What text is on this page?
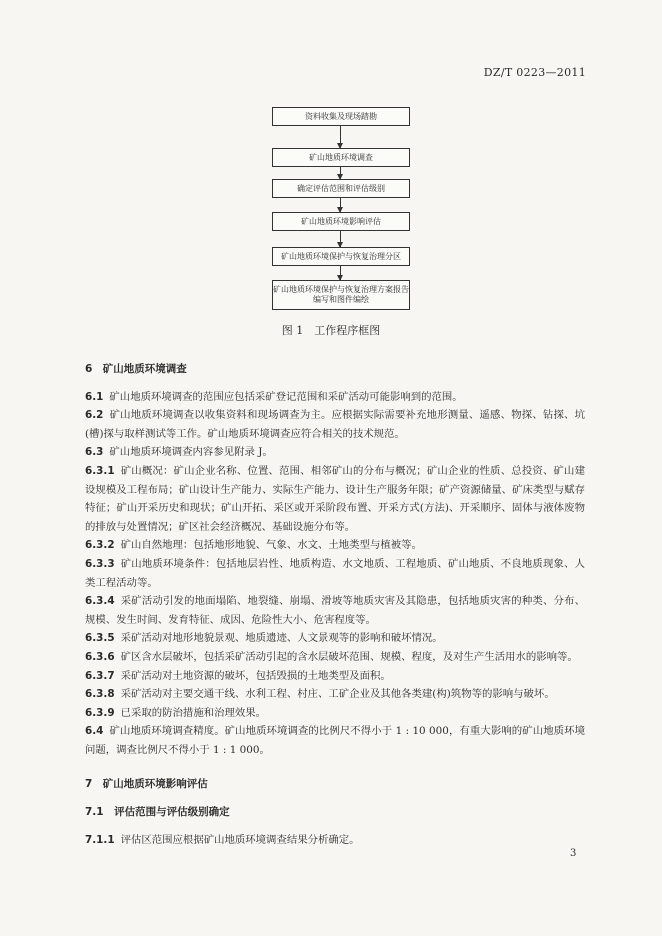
DZ/T 0223—2011
资料收集及现场踏勘
矿山地质环境调查
确定评估范围和评估级别
矿山地质环境影响评估
矿山地质环境保护与恢复治理分区
矿山地质环境保护与恢复治理方案报告编写和图件编绘
图 1　工作程序框图
6　矿山地质环境调查
6.1 矿山地质环境调查的范围应包括采矿登记范围和采矿活动可能影响到的范围。
6.2 矿山地质环境调查以收集资料和现场调查为主。应根据实际需要补充地形测量、遥感、物探、钻探、坑(槽)探与取样测试等工作。矿山地质环境调查应符合相关的技术规范。
6.3 矿山地质环境调查内容参见附录 J。
6.3.1 矿山概况：矿山企业名称、位置、范围、相邻矿山的分布与概况；矿山企业的性质、总投资、矿山建设规模及工程布局；矿山设计生产能力、实际生产能力、设计生产服务年限；矿产资源储量、矿床类型与赋存特征；矿山开采历史和现状；矿山开拓、采区或开采阶段布置、开采方式(方法)、开采顺序、固体与液体废物的排放与处置情况；矿区社会经济概况、基础设施分布等。
6.3.2 矿山自然地理：包括地形地貌、气象、水文、土地类型与植被等。
6.3.3 矿山地质环境条件：包括地层岩性、地质构造、水文地质、工程地质、矿山地质、不良地质现象、人类工程活动等。
6.3.4 采矿活动引发的地面塌陷、地裂缝、崩塌、滑坡等地质灾害及其隐患，包括地质灾害的种类、分布、规模、发生时间、发育特征、成因、危险性大小、危害程度等。
6.3.5 采矿活动对地形地貌景观、地质遗迹、人文景观等的影响和破坏情况。
6.3.6 矿区含水层破坏，包括采矿活动引起的含水层破坏范围、规模、程度，及对生产生活用水的影响等。
6.3.7 采矿活动对土地资源的破坏，包括毁损的土地类型及面积。
6.3.8 采矿活动对主要交通干线、水利工程、村庄、工矿企业及其他各类建(构)筑物等的影响与破坏。
6.3.9 已采取的防治措施和治理效果。
6.4 矿山地质环境调查精度。矿山地质环境调查的比例尺不得小于 1 : 10 000，有重大影响的矿山地质环境问题，调查比例尺不得小于 1 : 1 000。
7　矿山地质环境影响评估
7.1　评估范围与评估级别确定
7.1.1 评估区范围应根据矿山地质环境调查结果分析确定。
3
